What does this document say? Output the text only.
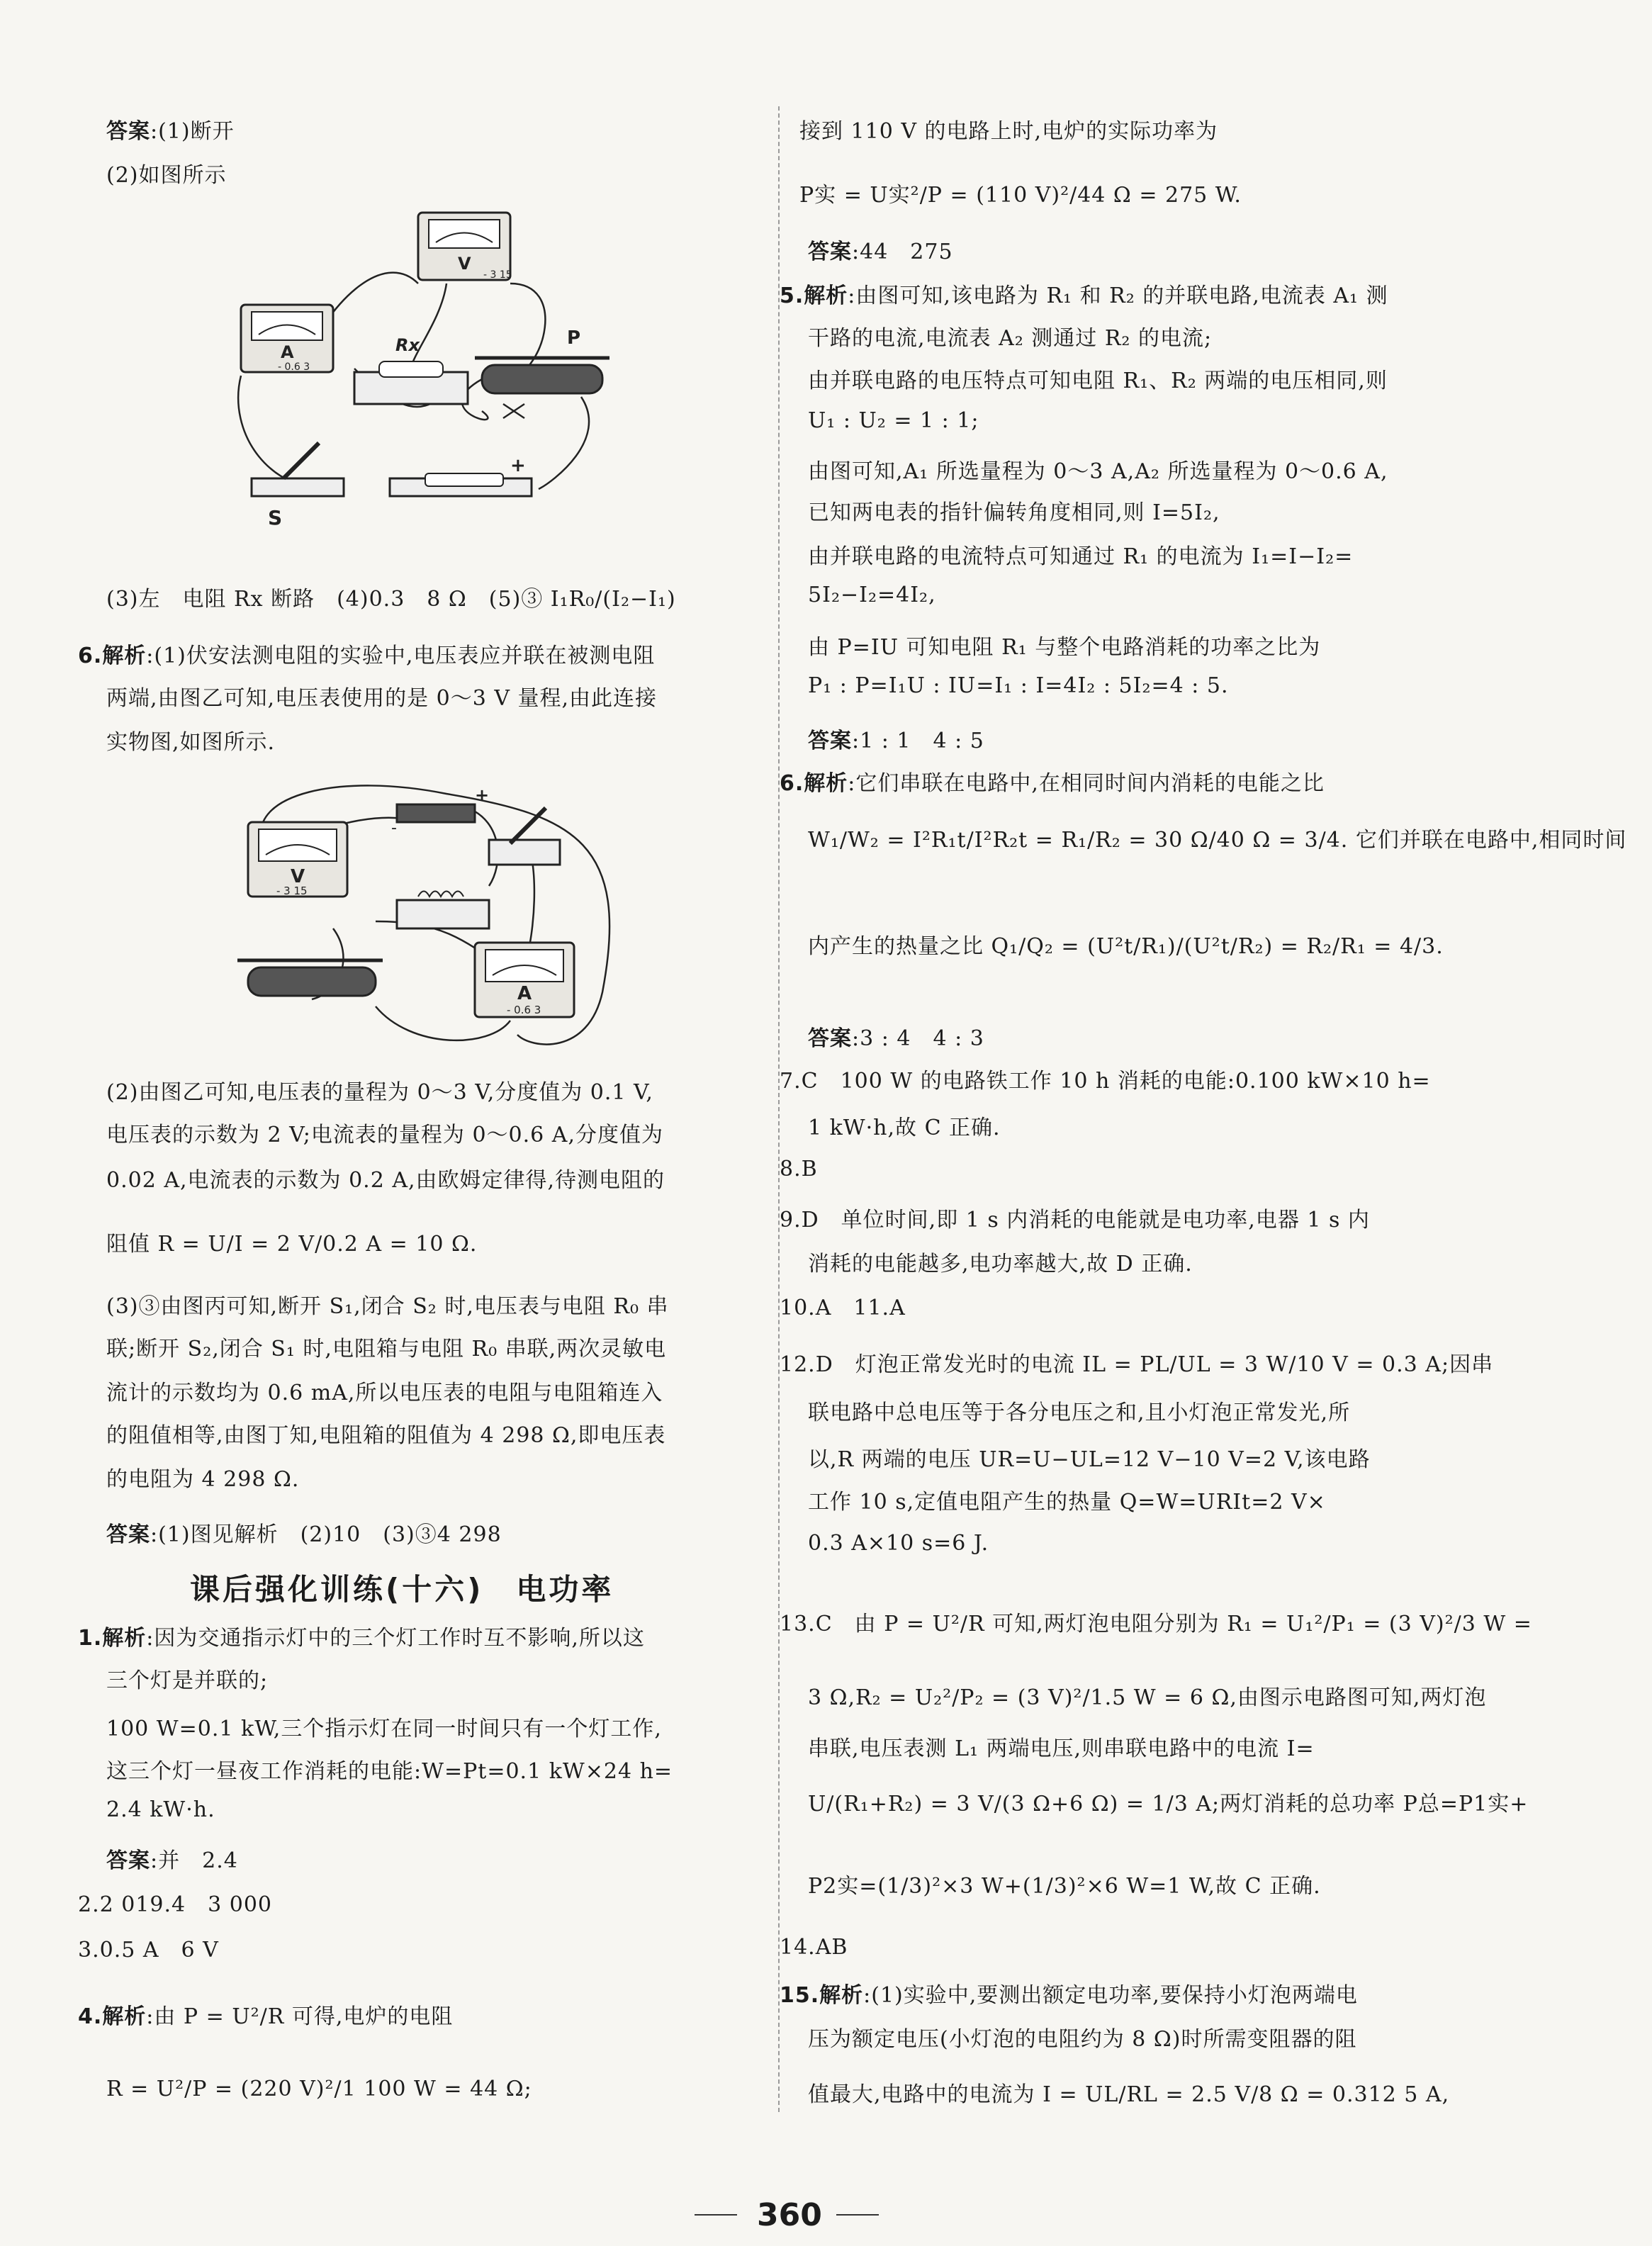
答案:(1)断开
(2)如图所示
(3)左　电阻 Rx 断路　(4)0.3　8 Ω　(5)③ I₁R₀/(I₂−I₁)
6.解析:(1)伏安法测电阻的实验中,电压表应并联在被测电阻
两端,由图乙可知,电压表使用的是 0～3 V 量程,由此连接
实物图,如图所示.
(2)由图乙可知,电压表的量程为 0～3 V,分度值为 0.1 V,
电压表的示数为 2 V;电流表的量程为 0～0.6 A,分度值为
0.02 A,电流表的示数为 0.2 A,由欧姆定律得,待测电阻的
阻值 R = U/I = 2 V/0.2 A = 10 Ω.
(3)③由图丙可知,断开 S₁,闭合 S₂ 时,电压表与电阻 R₀ 串
联;断开 S₂,闭合 S₁ 时,电阻箱与电阻 R₀ 串联,两次灵敏电
流计的示数均为 0.6 mA,所以电压表的电阻与电阻箱连入
的阻值相等,由图丁知,电阻箱的阻值为 4 298 Ω,即电压表
的电阻为 4 298 Ω.
答案:(1)图见解析　(2)10　(3)③4 298
1.解析:因为交通指示灯中的三个灯工作时互不影响,所以这
三个灯是并联的;
100 W=0.1 kW,三个指示灯在同一时间只有一个灯工作,
这三个灯一昼夜工作消耗的电能:W=Pt=0.1 kW×24 h=
2.4 kW·h.
答案:并　2.4
2.2 019.4　3 000
3.0.5 A　6 V
4.解析:由 P = U²/R 可得,电炉的电阻
R = U²/P = (220 V)²/1 100 W = 44 Ω;
接到 110 V 的电路上时,电炉的实际功率为
P实 = U实²/P = (110 V)²/44 Ω = 275 W.
答案:44　275
5.解析:由图可知,该电路为 R₁ 和 R₂ 的并联电路,电流表 A₁ 测
干路的电流,电流表 A₂ 测通过 R₂ 的电流;
由并联电路的电压特点可知电阻 R₁、R₂ 两端的电压相同,则
U₁ : U₂ = 1 : 1;
由图可知,A₁ 所选量程为 0～3 A,A₂ 所选量程为 0～0.6 A,
已知两电表的指针偏转角度相同,则 I=5I₂,
由并联电路的电流特点可知通过 R₁ 的电流为 I₁=I−I₂=
5I₂−I₂=4I₂,
由 P=IU 可知电阻 R₁ 与整个电路消耗的功率之比为
P₁ : P=I₁U : IU=I₁ : I=4I₂ : 5I₂=4 : 5.
答案:1 : 1　4 : 5
6.解析:它们串联在电路中,在相同时间内消耗的电能之比
W₁/W₂ = I²R₁t/I²R₂t = R₁/R₂ = 30 Ω/40 Ω = 3/4. 它们并联在电路中,相同时间
内产生的热量之比 Q₁/Q₂ = (U²t/R₁)/(U²t/R₂) = R₂/R₁ = 4/3.
答案:3 : 4　4 : 3
7.C　100 W 的电路铁工作 10 h 消耗的电能:0.100 kW×10 h=
1 kW·h,故 C 正确.
8.B
9.D　单位时间,即 1 s 内消耗的电能就是电功率,电器 1 s 内
消耗的电能越多,电功率越大,故 D 正确.
10.A　11.A
12.D　灯泡正常发光时的电流 IL = PL/UL = 3 W/10 V = 0.3 A;因串
联电路中总电压等于各分电压之和,且小灯泡正常发光,所
以,R 两端的电压 UR=U−UL=12 V−10 V=2 V,该电路
工作 10 s,定值电阻产生的热量 Q=W=URIt=2 V×
0.3 A×10 s=6 J.
13.C　由 P = U²/R 可知,两灯泡电阻分别为 R₁ = U₁²/P₁ = (3 V)²/3 W =
3 Ω,R₂ = U₂²/P₂ = (3 V)²/1.5 W = 6 Ω,由图示电路图可知,两灯泡
串联,电压表测 L₁ 两端电压,则串联电路中的电流 I=
U/(R₁+R₂) = 3 V/(3 Ω+6 Ω) = 1/3 A;两灯消耗的总功率 P总=P1实+
P2实=(1/3)²×3 W+(1/3)²×6 W=1 W,故 C 正确.
14.AB
15.解析:(1)实验中,要测出额定电功率,要保持小灯泡两端电
压为额定电压(小灯泡的电阻约为 8 Ω)时所需变阻器的阻
值最大,电路中的电流为 I = UL/RL = 2.5 V/8 Ω = 0.312 5 A,
课后强化训练(十六)　电功率
V
- 3 15
A
- 0.6 3
Rx	P
S
+
V
- 3 15
-
+
A
- 0.6 3
360
